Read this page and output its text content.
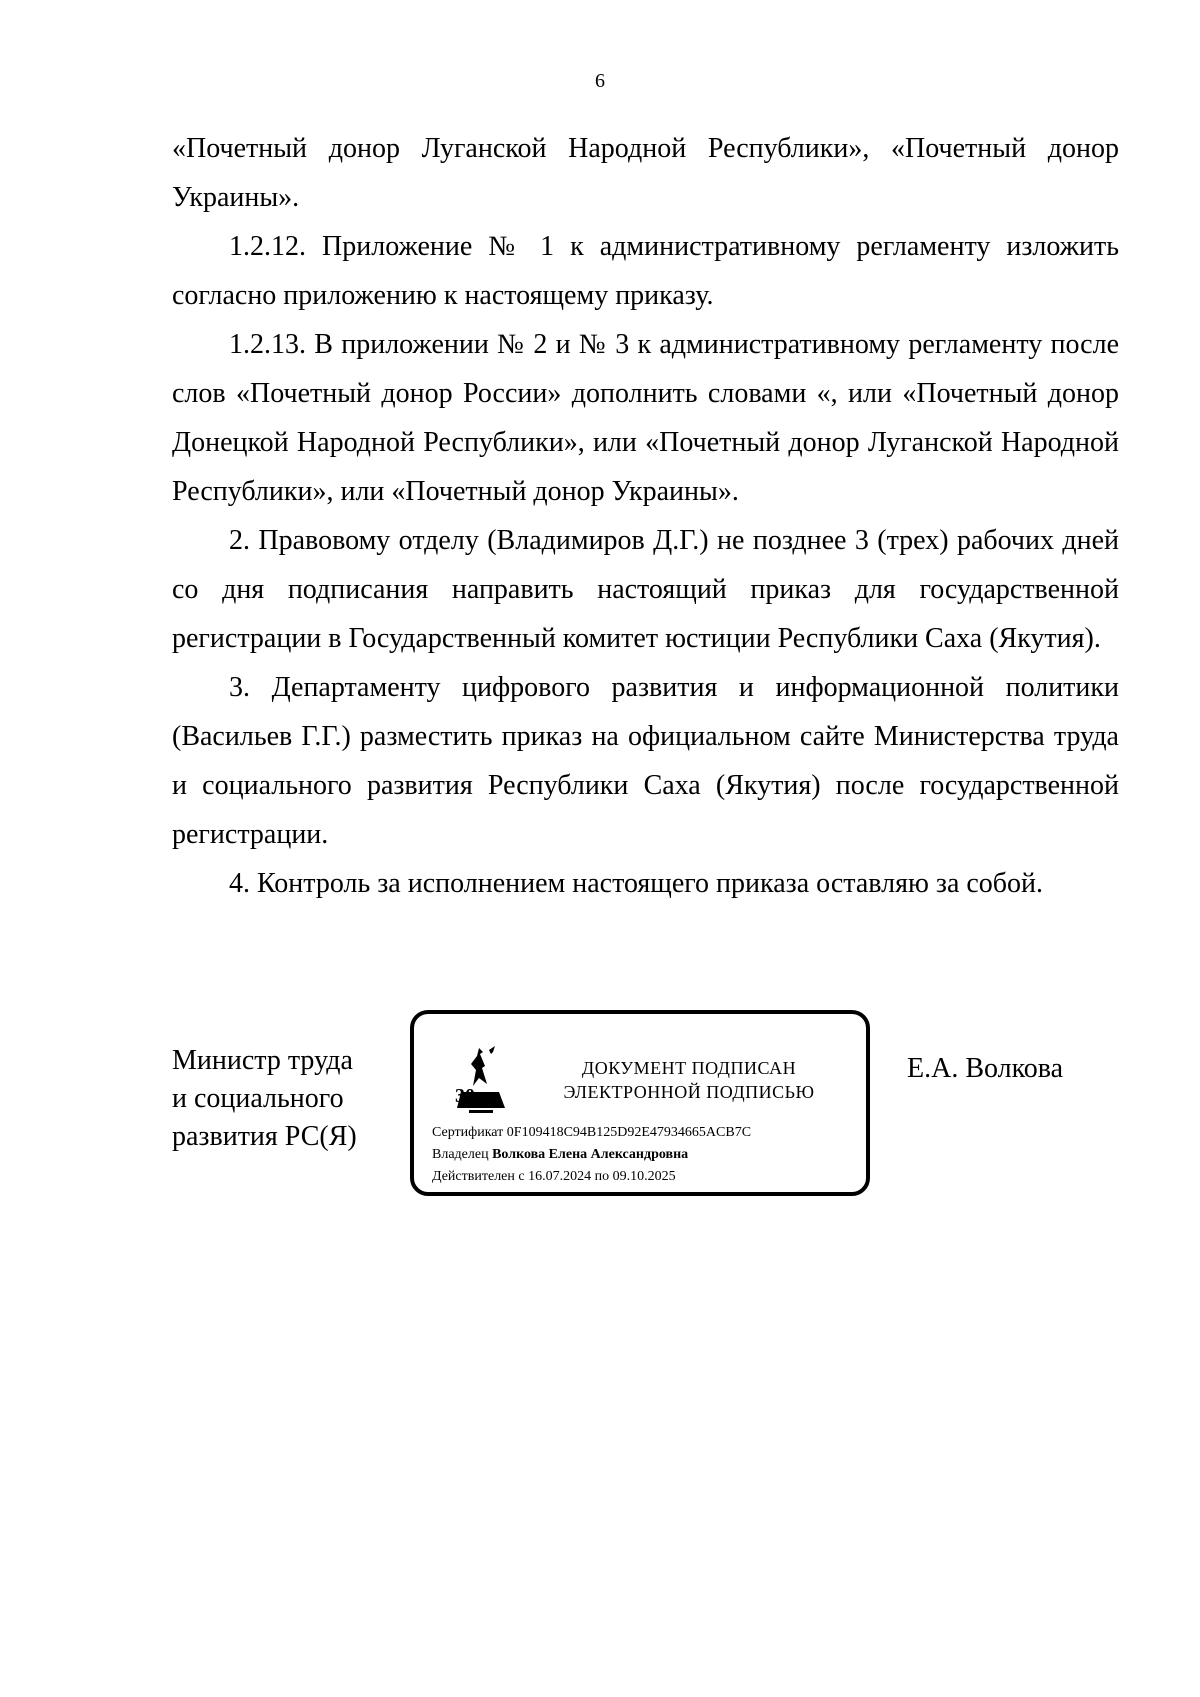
6

«Почетный донор Луганской Народной Республики», «Почетный донор Украины».

1.2.12. Приложение № 1 к административному регламенту изложить согласно приложению к настоящему приказу.

1.2.13. В приложении № 2 и № 3 к административному регламенту после слов «Почетный донор России» дополнить словами «, или «Почетный донор Донецкой Народной Республики», или «Почетный донор Луганской Народной Республики», или «Почетный донор Украины».

2. Правовому отделу (Владимиров Д.Г.) не позднее 3 (трех) рабочих дней со дня подписания направить настоящий приказ для государственной регистрации в Государственный комитет юстиции Республики Саха (Якутия).

3. Департаменту цифрового развития и информационной политики (Васильев Г.Г.) разместить приказ на официальном сайте Министерства труда и социального развития Республики Саха (Якутия) после государственной регистрации.

4. Контроль за исполнением настоящего приказа оставляю за собой.

Министр труда
и социального
развития РС(Я)
30
ДОКУМЕНТ ПОДПИСАН
ЭЛЕКТРОННОЙ ПОДПИСЬЮ
Сертификат 0F109418C94B125D92E47934665ACB7C
Владелец Волкова Елена Александровна
Действителен с 16.07.2024 по 09.10.2025
Е.А. Волкова
